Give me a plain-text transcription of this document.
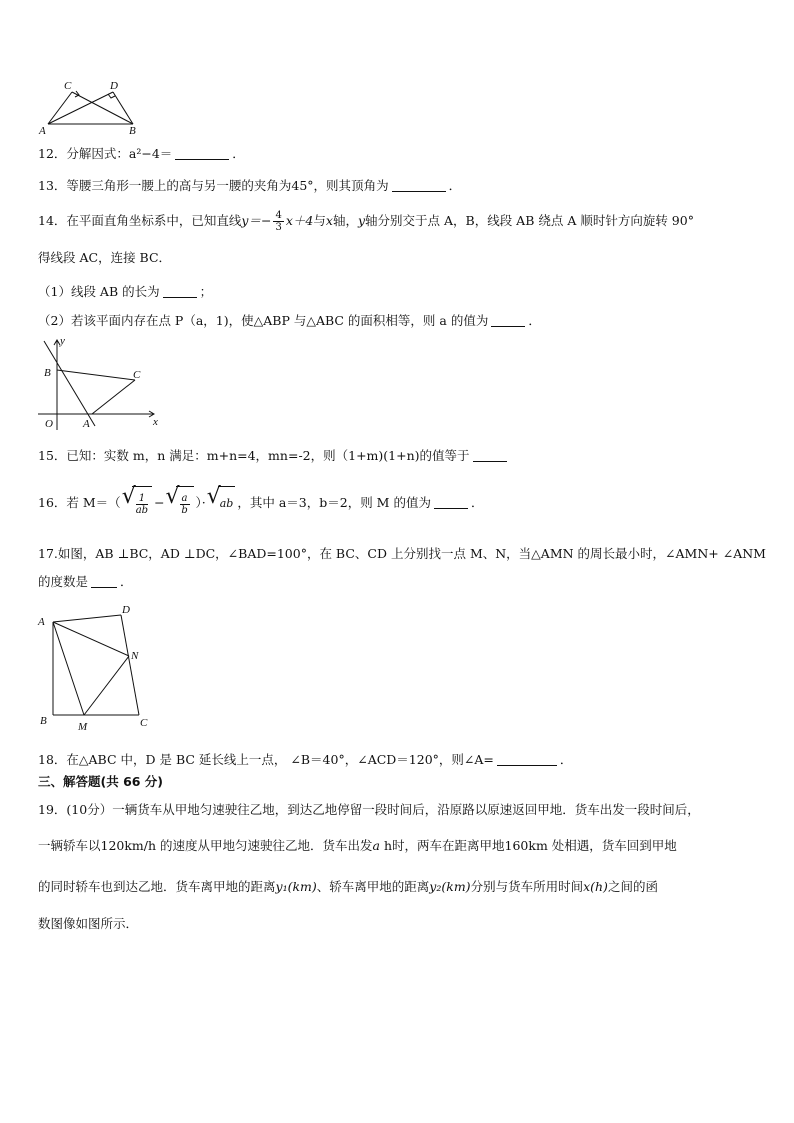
C	D
A	B
12．分解因式：a²−4＝	．
13．等腰三角形一腰上的高与另一腰的夹角为45°，则其顶角为	．
14．在平面直角坐标系中，已知直线$y=- \frac{4}{3} x+4$与x轴，y轴分别交于点 A，B，线段 AB 绕点 A 顺时针方向旋转 90°
得线段 AC，连接 BC．
（1）线段 AB 的长为	；
（2）若该平面内存在点 P（a，1)，使△ABP 与△ABC 的面积相等，则 a 的值为	．
y
B	C
O	A	x
15．已知：实数 m，n 满足：m+n=4，mn=-2，则（1+m)(1+n)的值等于
16．若 M＝（ √ $\frac{1}{ab}$ − √ $\frac{a}{b}$ ）· √ ab ，其中 a＝3，b＝2，则 M 的值为	．
17.如图，AB ⊥BC，AD ⊥DC，∠BAD=100°，在 BC、CD 上分别找一点 M、N，当△AMN 的周长最小时，∠AMN+ ∠ANM
的度数是	．
A
D
N
B	M	C
18．在△ABC 中，D 是 BC 延长线上一点， ∠B＝40°，∠ACD＝120°，则∠A=	．
三、解答题(共 66 分)
19．(10分）一辆货车从甲地匀速驶往乙地，到达乙地停留一段时间后，沿原路以原速返回甲地．货车出发一段时间后，
一辆轿车以120km/h 的速度从甲地匀速驶往乙地．货车出发a h时，两车在距离甲地160km 处相遇，货车回到甲地
的同时轿车也到达乙地．货车离甲地的距离y₁(km)、轿车离甲地的距离y₂(km)分别与货车所用时间x(h)之间的函
数图像如图所示．
